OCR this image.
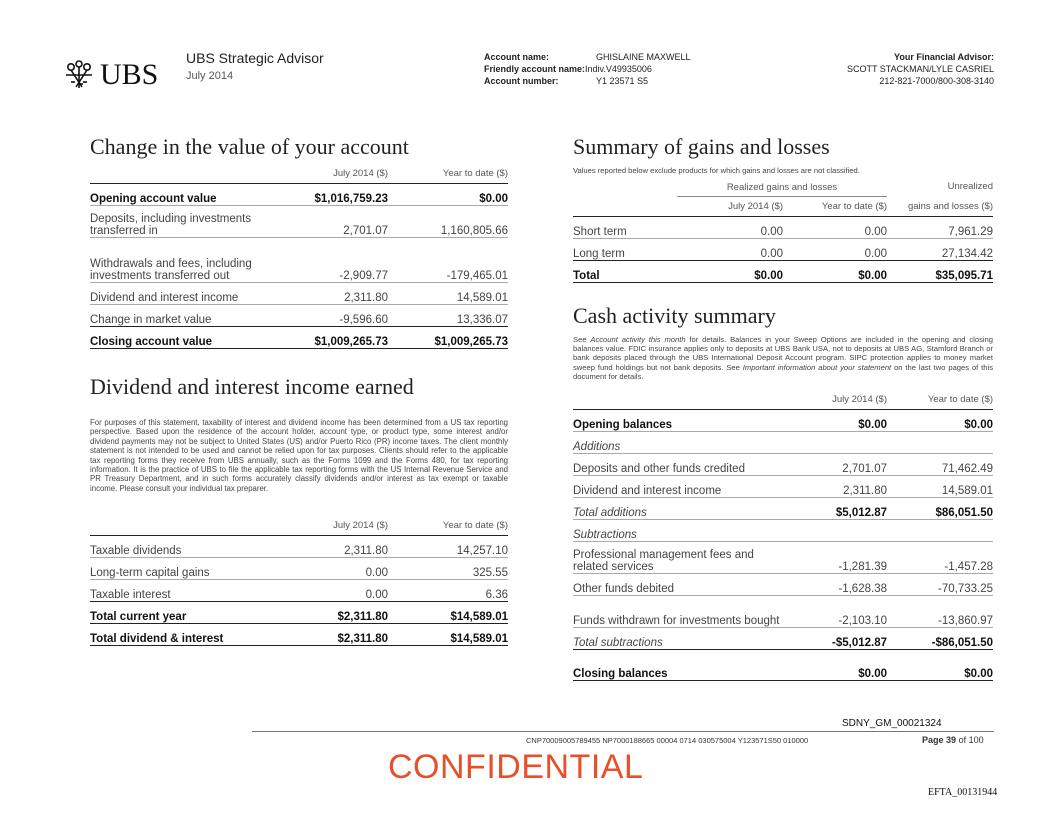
UBS UBS Strategic Advisor
July 2014
Account name:	GHISLAINE MAXWELL
Friendly account name:Indiv.V49935006
Account number:	Y1 23571 S5
Your Financial Advisor:
SCOTT STACKMAN/LYLE CASRIEL
212-821-7000/800-308-3140
Change in the value of your account
	July 2014 ($)	Year to date ($)
Opening account value	$1,016,759.23	$0.00
Deposits, including investments transferred in	2,701.07	1,160,805.66
Withdrawals and fees, including investments transferred out	-2,909.77	-179,465.01
Dividend and interest income	2,311.80	14,589.01
Change in market value	-9,596.60	13,336.07
Closing account value	$1,009,265.73	$1,009,265.73
Dividend and interest income earned
For purposes of this statement, taxability of interest and dividend income has been determined from a US tax reporting perspective. Based upon the residence of the account holder, account type, or product type, some interest and/or dividend payments may not be subject to United States (US) and/or Puerto Rico (PR) income taxes. The client monthly statement is not intended to be used and cannot be relied upon for tax purposes. Clients should refer to the applicable tax reporting forms they receive from UBS annually, such as the Forms 1099 and the Forms 480, for tax reporting information. It is the practice of UBS to file the applicable tax reporting forms with the US Internal Revenue Service and PR Treasury Department, and in such forms accurately classify dividends and/or interest as tax exempt or taxable income. Please consult your individual tax preparer.
	July 2014 ($)	Year to date ($)
Taxable dividends	2,311.80	14,257.10
Long-term capital gains	0.00	325.55
Taxable interest	0.00	6.36
Total current year	$2,311.80	$14,589.01
Total dividend & interest	$2,311.80	$14,589.01
Summary of gains and losses
Values reported below exclude products for which gains and losses are not classified.
	Realized gains and losses		Unrealized
	July 2014 ($)	Year to date ($)	gains and losses ($)
Short term	0.00	0.00	7,961.29
Long term	0.00	0.00	27,134.42
Total	$0.00	$0.00	$35,095.71
Cash activity summary
See Account activity this month for details. Balances in your Sweep Options are included in the opening and closing balances value. FDIC insurance applies only to deposits at UBS Bank USA, not to deposits at UBS AG, Stamford Branch or bank deposits placed through the UBS International Deposit Account program. SIPC protection applies to money market sweep fund holdings but not bank deposits. See Important information about your statement on the last two pages of this document for details.
	July 2014 ($)	Year to date ($)
Opening balances	$0.00	$0.00
Additions		
Deposits and other funds credited	2,701.07	71,462.49
Dividend and interest income	2,311.80	14,589.01
Total additions	$5,012.87	$86,051.50
Subtractions		
Professional management fees and related services	-1,281.39	-1,457.28
Other funds debited	-1,628.38	-70,733.25
Funds withdrawn for investments bought	-2,103.10	-13,860.97
Total subtractions	-$5,012.87	-$86,051.50
Closing balances	$0.00	$0.00
SDNY_GM_00021324
CNP70009005789455 NP7000188665 00004 0714 030575004 Y123571S50 010000	Page 39 of 100
CONFIDENTIAL
EFTA_00131944
